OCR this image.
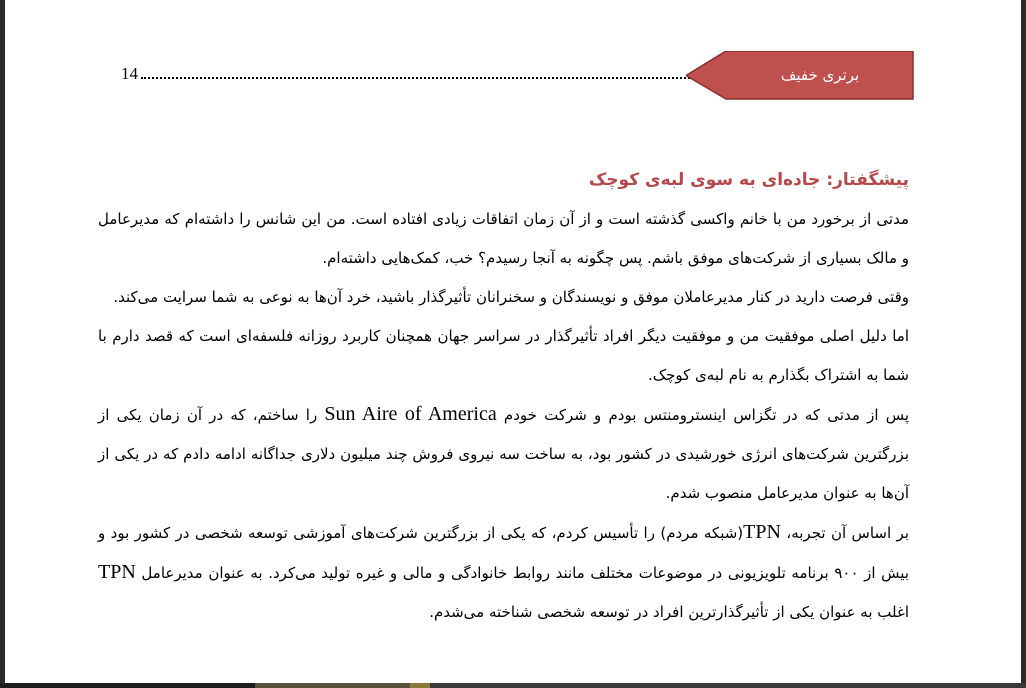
14	برتری خفیف
پیشگفتار: جاده‌ای به سوی لبه‌ی کوچک

مدتی از برخورد من با خانم واکسی گذشته است و از آن زمان اتفاقات زیادی افتاده است. من این شانس را داشته‌ام که مدیرعامل و مالک بسیاری از شرکت‌های موفق باشم. پس چگونه به آنجا رسیدم؟ خب، کمک‌هایی داشته‌ام.

وقتی فرصت دارید در کنار مدیرعاملان موفق و نویسندگان و سخنرانان تأثیرگذار باشید، خرد آن‌ها به نوعی به شما سرایت می‌کند.

اما دلیل اصلی موفقیت من و موفقیت دیگر افراد تأثیرگذار در سراسر جهان همچنان کاربرد روزانه فلسفه‌ای است که قصد دارم با شما به اشتراک بگذارم به نام لبه‌ی کوچک.

پس از مدتی که در تگزاس اینسترومنتس بودم و شرکت خودم Sun Aire of America را ساختم، که در آن زمان یکی از بزرگترین شرکت‌های انرژی خورشیدی در کشور بود، به ساخت سه نیروی فروش چند میلیون دلاری جداگانه ادامه دادم که در یکی از آن‌ها به عنوان مدیرعامل منصوب شدم.

بر اساس آن تجربه، TPN(شبکه مردم) را تأسیس کردم، که یکی از بزرگترین شرکت‌های آموزشی توسعه شخصی در کشور بود و بیش از ۹۰۰ برنامه تلویزیونی در موضوعات مختلف مانند روابط خانوادگی و مالی و غیره تولید می‌کرد. به عنوان مدیرعامل TPN اغلب به عنوان یکی از تأثیرگذارترین افراد در توسعه شخصی شناخته می‌شدم.
